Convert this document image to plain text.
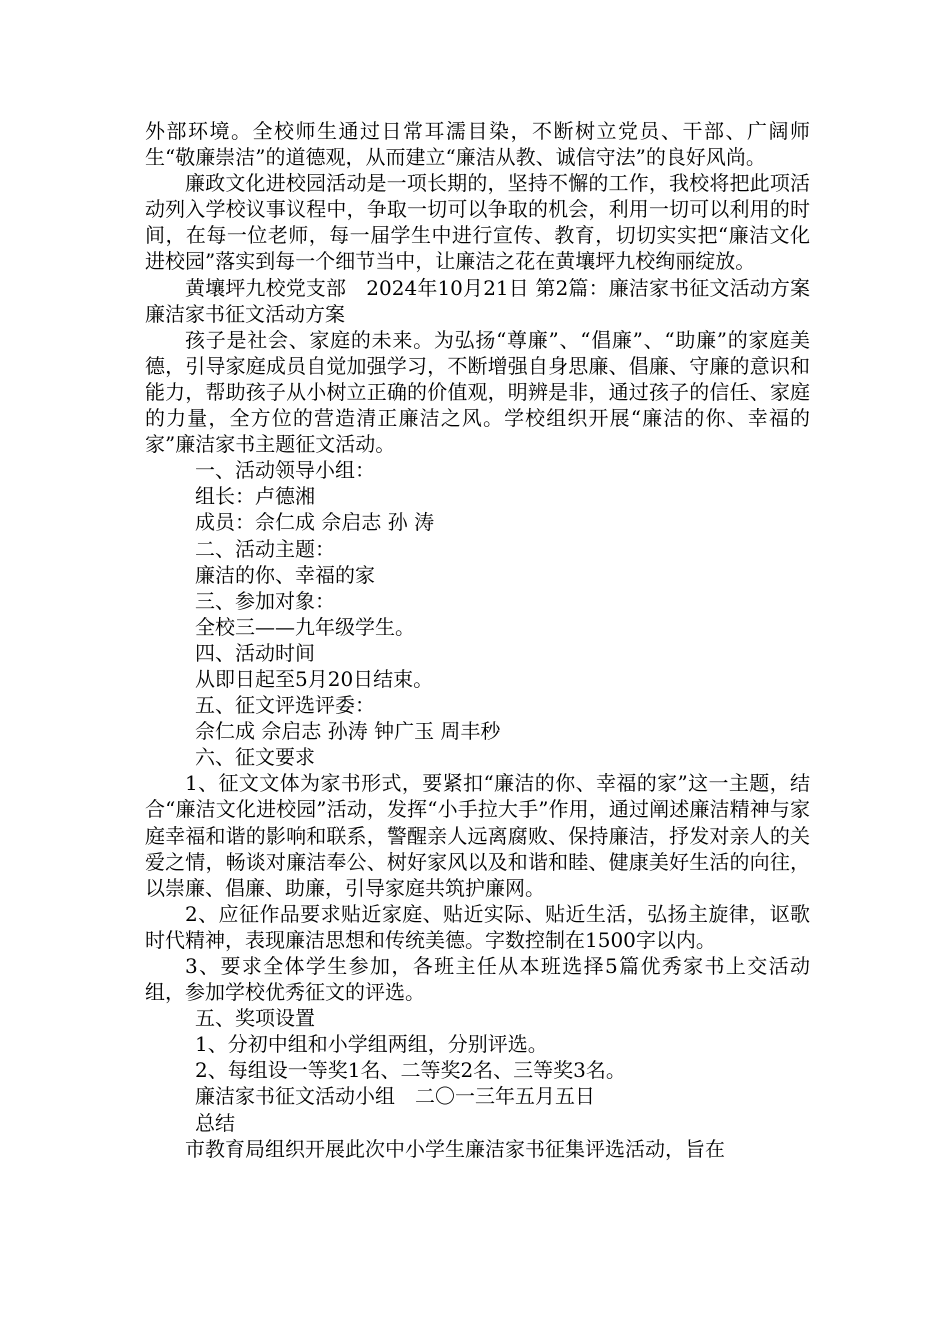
外部环境。全校师生通过日常耳濡目染，不断树立党员、干部、广阔师生“敬廉崇洁”的道德观，从而建立“廉洁从教、诚信守法”的良好风尚。

廉政文化进校园活动是一项长期的，坚持不懈的工作，我校将把此项活动列入学校议事议程中，争取一切可以争取的机会，利用一切可以利用的时间，在每一位老师，每一届学生中进行宣传、教育，切切实实把“廉洁文化进校园”落实到每一个细节当中，让廉洁之花在黄壤坪九校绚丽绽放。

黄壤坪九校党支部　2024年10月21日 第2篇：廉洁家书征文活动方案廉洁家书征文活动方案

孩子是社会、家庭的未来。为弘扬“尊廉”、“倡廉”、“助廉”的家庭美德，引导家庭成员自觉加强学习，不断增强自身思廉、倡廉、守廉的意识和能力，帮助孩子从小树立正确的价值观，明辨是非，通过孩子的信任、家庭的力量，全方位的营造清正廉洁之风。学校组织开展“廉洁的你、幸福的家”廉洁家书主题征文活动。

一、活动领导小组：

组长：卢德湘

成员：佘仁成 佘启志 孙 涛

二、活动主题：

廉洁的你、幸福的家

三、参加对象：

全校三——九年级学生。

四、活动时间

从即日起至5月20日结束。

五、征文评选评委：

佘仁成 佘启志 孙涛 钟广玉 周丰秒

六、征文要求

1、征文文体为家书形式，要紧扣“廉洁的你、幸福的家”这一主题，结合“廉洁文化进校园”活动，发挥“小手拉大手”作用，通过阐述廉洁精神与家庭幸福和谐的影响和联系，警醒亲人远离腐败、保持廉洁，抒发对亲人的关爱之情，畅谈对廉洁奉公、树好家风以及和谐和睦、健康美好生活的向往，以崇廉、倡廉、助廉，引导家庭共筑护廉网。

2、应征作品要求贴近家庭、贴近实际、贴近生活，弘扬主旋律，讴歌时代精神，表现廉洁思想和传统美德。字数控制在1500字以内。

3、要求全体学生参加，各班主任从本班选择5篇优秀家书上交活动组，参加学校优秀征文的评选。

五、奖项设置

1、分初中组和小学组两组，分别评选。

2、每组设一等奖1名、二等奖2名、三等奖3名。

廉洁家书征文活动小组　二〇一三年五月五日

总结

市教育局组织开展此次中小学生廉洁家书征集评选活动，旨在
